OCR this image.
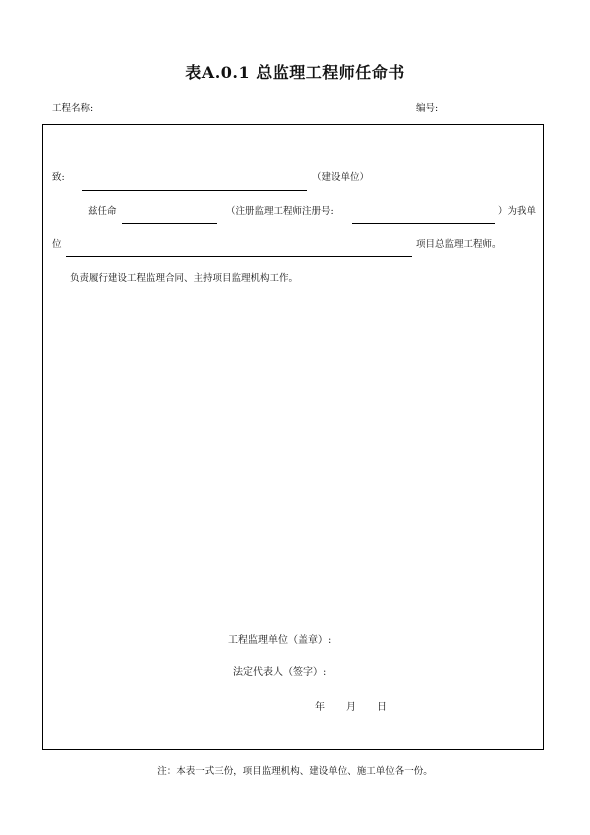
表A.0.1 总监理工程师任命书
工程名称:	编号:
致:	（建设单位）
兹任命	（注册监理工程师注册号:	）为我单
位	项目总监理工程师。
负责履行建设工程监理合同、主持项目监理机构工作。
工程监理单位（盖章）:
法定代表人（签字）:
年 月 日
注：本表一式三份，项目监理机构、建设单位、施工单位各一份。
